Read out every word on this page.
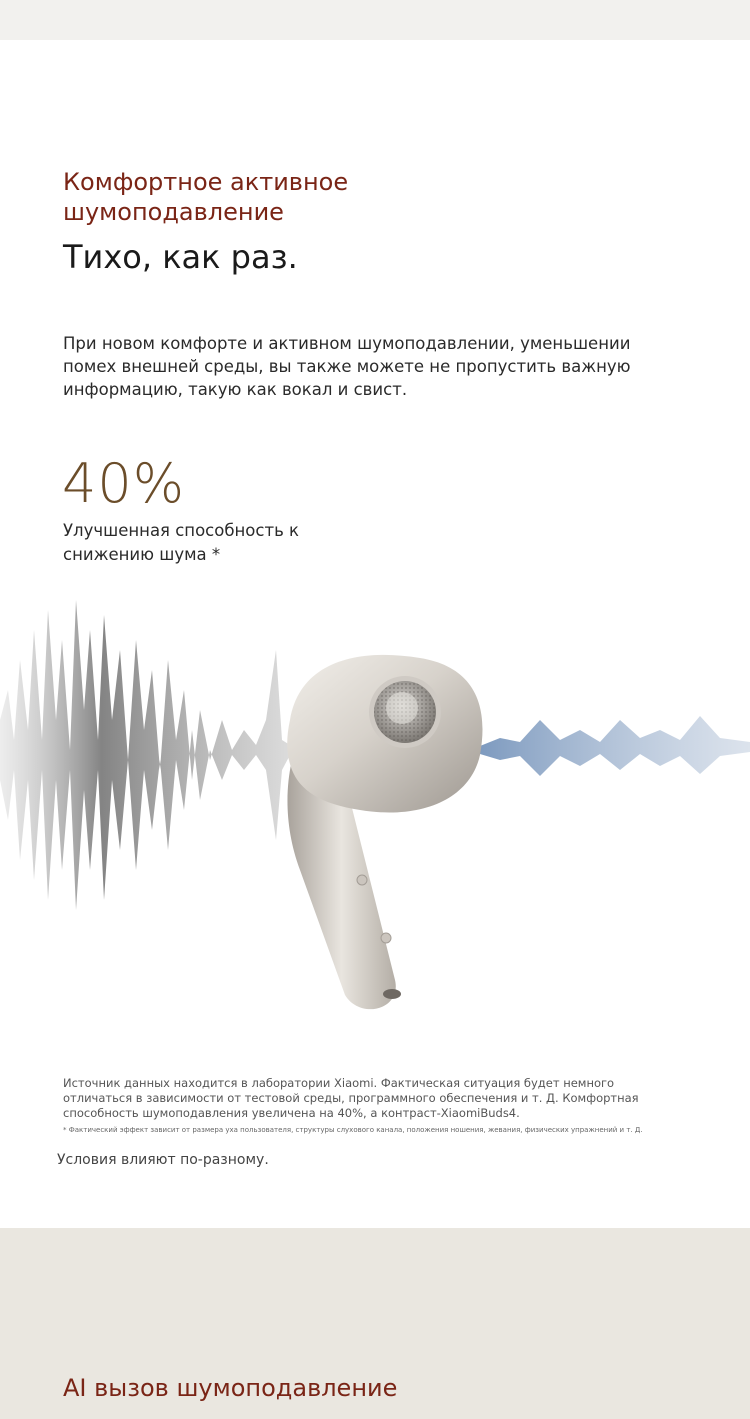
Комфортное активное
шумоподавление
Тихо, как раз.
При новом комфорте и активном шумоподавлении, уменьшении
помех внешней среды, вы также можете не пропустить важную
информацию, такую как вокал и свист.
40%
Улучшенная способность к
снижению шума *
Источник данных находится в лаборатории Xiaomi. Фактическая ситуация будет немного
отличаться в зависимости от тестовой среды, программного обеспечения и т. Д. Комфортная
способность шумоподавления увеличена на 40%, а контраст-XiaomiBuds4.
* Фактический эффект зависит от размера уха пользователя, структуры слухового канала, положения ношения, жевания, физических упражнений и т. Д.
Условия влияют по-разному.
AI вызов шумоподавление
